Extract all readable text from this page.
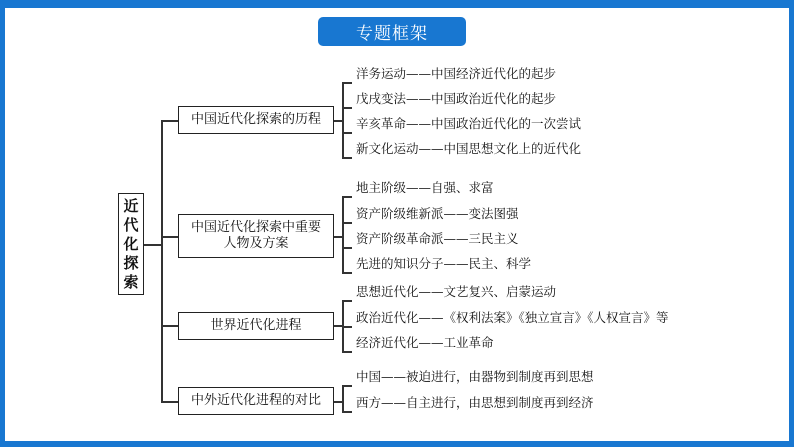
专题框架
近代化探索
中国近代化探索的历程
中国近代化探索中重要人物及方案
世界近代化进程
中外近代化进程的对比
洋务运动——中国经济近代化的起步
戊戌变法——中国政治近代化的起步
辛亥革命——中国政治近代化的一次尝试
新文化运动——中国思想文化上的近代化
地主阶级——自强、求富
资产阶级维新派——变法图强
资产阶级革命派——三民主义
先进的知识分子——民主、科学
思想近代化——文艺复兴、启蒙运动
政治近代化——《权利法案》《独立宣言》《人权宣言》等
经济近代化——工业革命
中国——被迫进行，由器物到制度再到思想
西方——自主进行，由思想到制度再到经济
